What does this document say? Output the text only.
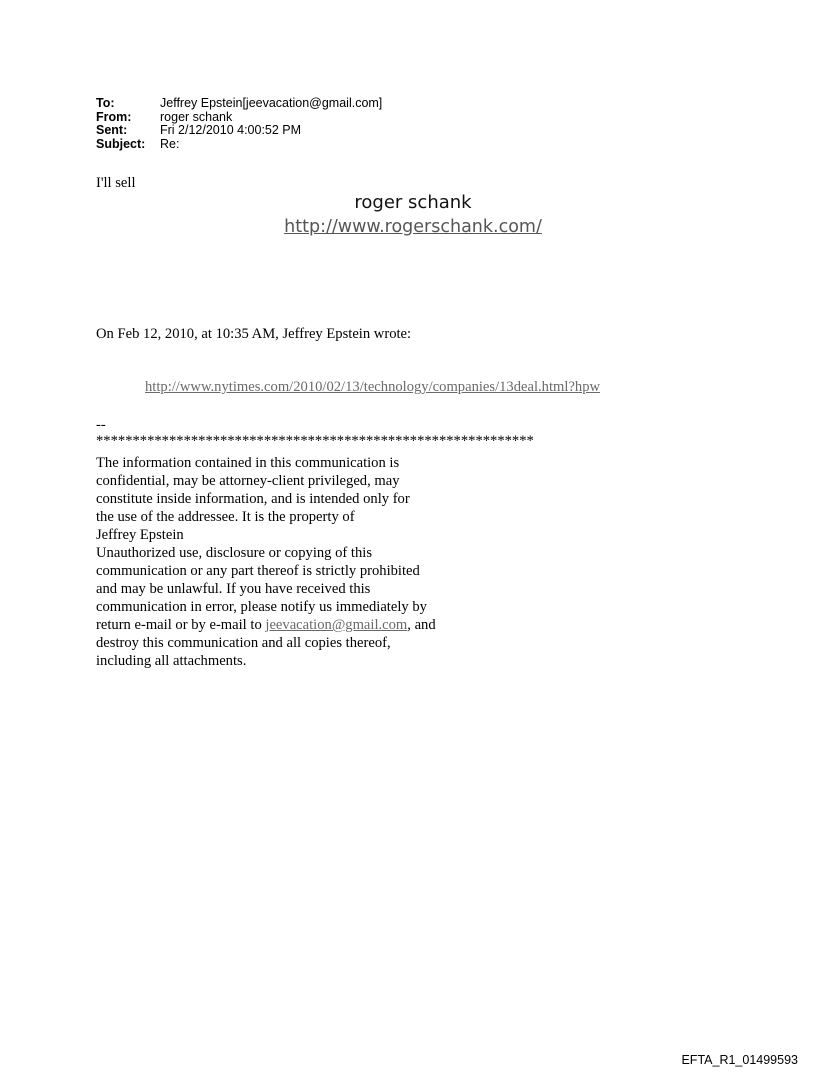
To:	Jeffrey Epstein[jeevacation@gmail.com]
From:	roger schank
Sent:	Fri 2/12/2010 4:00:52 PM
Subject:	Re:
I'll sell
roger schank
http://www.rogerschank.com/
On Feb 12, 2010, at 10:35 AM, Jeffrey Epstein wrote:
http://www.nytimes.com/2010/02/13/technology/companies/13deal.html?hpw
--
************************************************************
The information contained in this communication is
confidential, may be attorney-client privileged, may
constitute inside information, and is intended only for
the use of the addressee. It is the property of
Jeffrey Epstein
Unauthorized use, disclosure or copying of this
communication or any part thereof is strictly prohibited
and may be unlawful. If you have received this
communication in error, please notify us immediately by
return e-mail or by e-mail to jeevacation@gmail.com, and
destroy this communication and all copies thereof,
including all attachments.
EFTA_R1_01499593
